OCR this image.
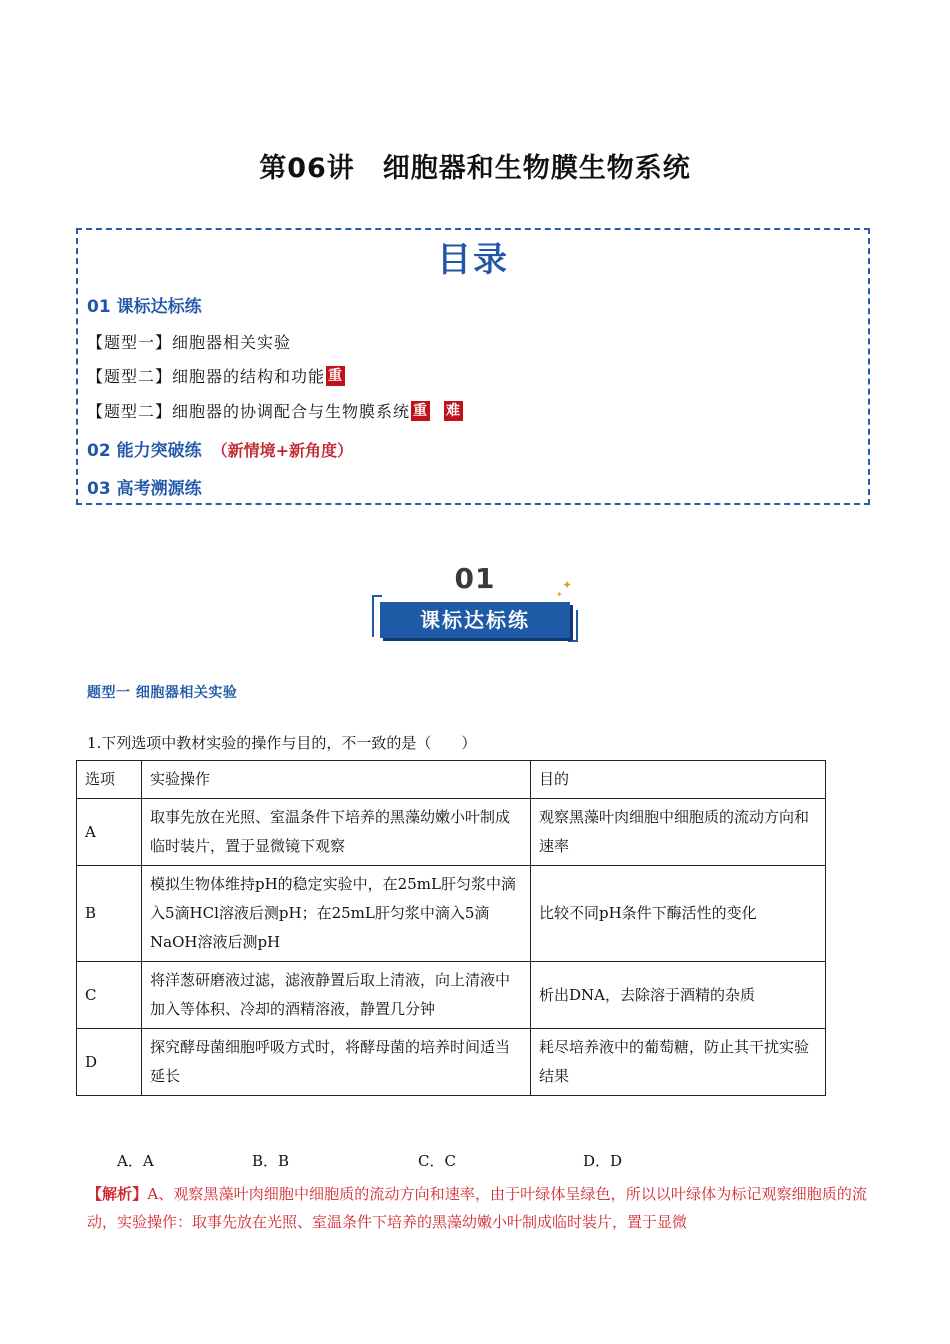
第06讲　细胞器和生物膜生物系统
目录
01 课标达标练
【题型一】细胞器相关实验
【题型二】细胞器的结构和功能 重
【题型二】细胞器的协调配合与生物膜系统 重 难
02 能力突破练 （新情境+新角度）
03 高考溯源练
01	✦
✦
课标达标练
题型一 细胞器相关实验
1.下列选项中教材实验的操作与目的，不一致的是（　　）
选项	实验操作	目的
A	取事先放在光照、室温条件下培养的黑藻幼嫩小叶制成临时装片，置于显微镜下观察	观察黑藻叶肉细胞中细胞质的流动方向和速率
B	模拟生物体维持pH的稳定实验中，在25mL肝匀浆中滴入5滴HCl溶液后测pH；在25mL肝匀浆中滴入5滴NaOH溶液后测pH	比较不同pH条件下酶活性的变化
C	将洋葱研磨液过滤，滤液静置后取上清液，向上清液中加入等体积、冷却的酒精溶液，静置几分钟	析出DNA，去除溶于酒精的杂质
D	探究酵母菌细胞呼吸方式时，将酵母菌的培养时间适当延长	耗尽培养液中的葡萄糖，防止其干扰实验结果
A．A	B．B	C．C	D．D
【解析】A、观察黑藻叶肉细胞中细胞质的流动方向和速率，由于叶绿体呈绿色，所以以叶绿体为标记观察细胞质的流动，实验操作：取事先放在光照、室温条件下培养的黑藻幼嫩小叶制成临时装片，置于显微
